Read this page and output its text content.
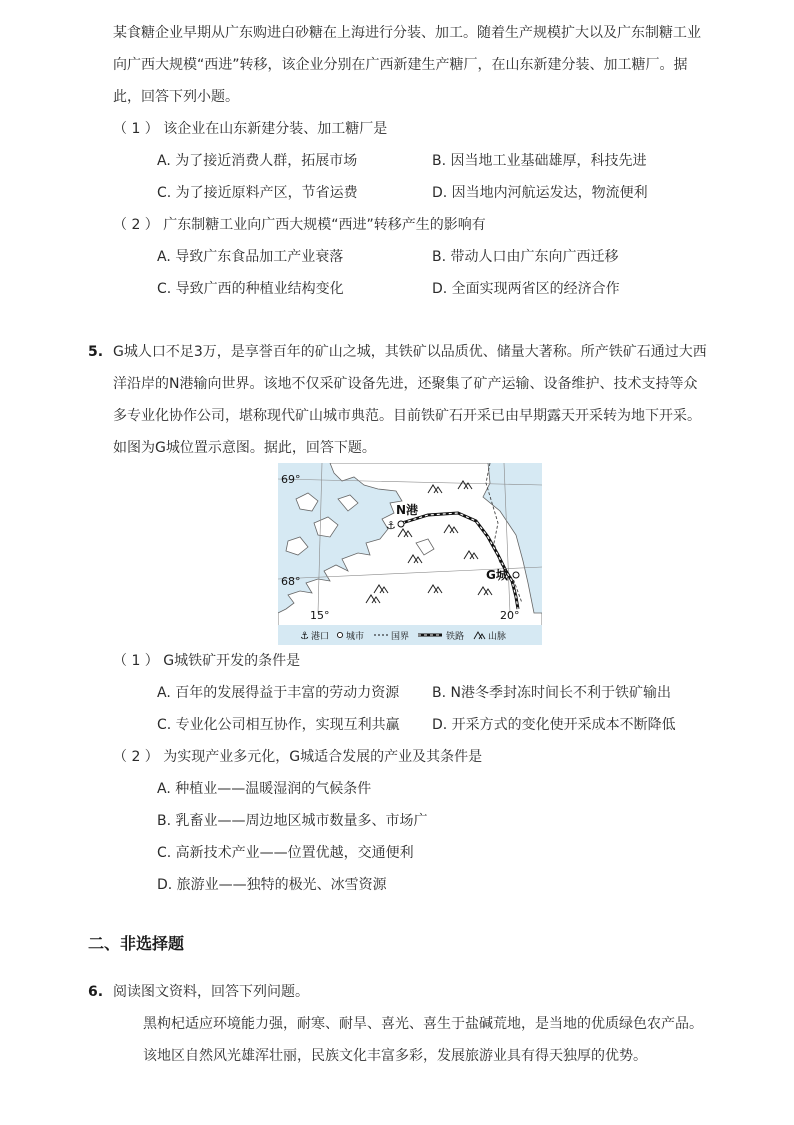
某食糖企业早期从广东购进白砂糖在上海进行分装、加工。随着生产规模扩大以及广东制糖工业
向广西大规模“西进”转移，该企业分别在广西新建生产糖厂，在山东新建分装、加工糖厂。据
此，回答下列小题。
（ 1 ） 该企业在山东新建分装、加工糖厂是
A. 为了接近消费人群，拓展市场	B. 因当地工业基础雄厚，科技先进
C. 为了接近原料产区，节省运费	D. 因当地内河航运发达，物流便利
（ 2 ） 广东制糖工业向广西大规模“西进”转移产生的影响有
A. 导致广东食品加工产业衰落	B. 带动人口由广东向广西迁移
C. 导致广西的种植业结构变化	D. 全面实现两省区的经济合作
5. G城人口不足3万，是享誉百年的矿山之城，其铁矿以品质优、储量大著称。所产铁矿石通过大西
洋沿岸的N港输向世界。该地不仅采矿设备先进，还聚集了矿产运输、设备维护、技术支持等众
多专业化协作公司，堪称现代矿山城市典范。目前铁矿石开采已由早期露天开采转为地下开采。
如图为G城位置示意图。据此，回答下题。
⚓
N港
G城
69°
68°
15°	20°
⚓ 港口 城市	国界	铁路	山脉
（ 1 ） G城铁矿开发的条件是
A. 百年的发展得益于丰富的劳动力资源 B. N港冬季封冻时间长不利于铁矿输出
C. 专业化公司相互协作，实现互利共赢 D. 开采方式的变化使开采成本不断降低
（ 2 ） 为实现产业多元化，G城适合发展的产业及其条件是
A. 种植业——温暖湿润的气候条件
B. 乳畜业——周边地区城市数量多、市场广
C. 高新技术产业——位置优越，交通便利
D. 旅游业——独特的极光、冰雪资源
二、非选择题
6. 阅读图文资料，回答下列问题。
黑枸杞适应环境能力强，耐寒、耐旱、喜光、喜生于盐碱荒地，是当地的优质绿色农产品。
该地区自然风光雄浑壮丽，民族文化丰富多彩，发展旅游业具有得天独厚的优势。
